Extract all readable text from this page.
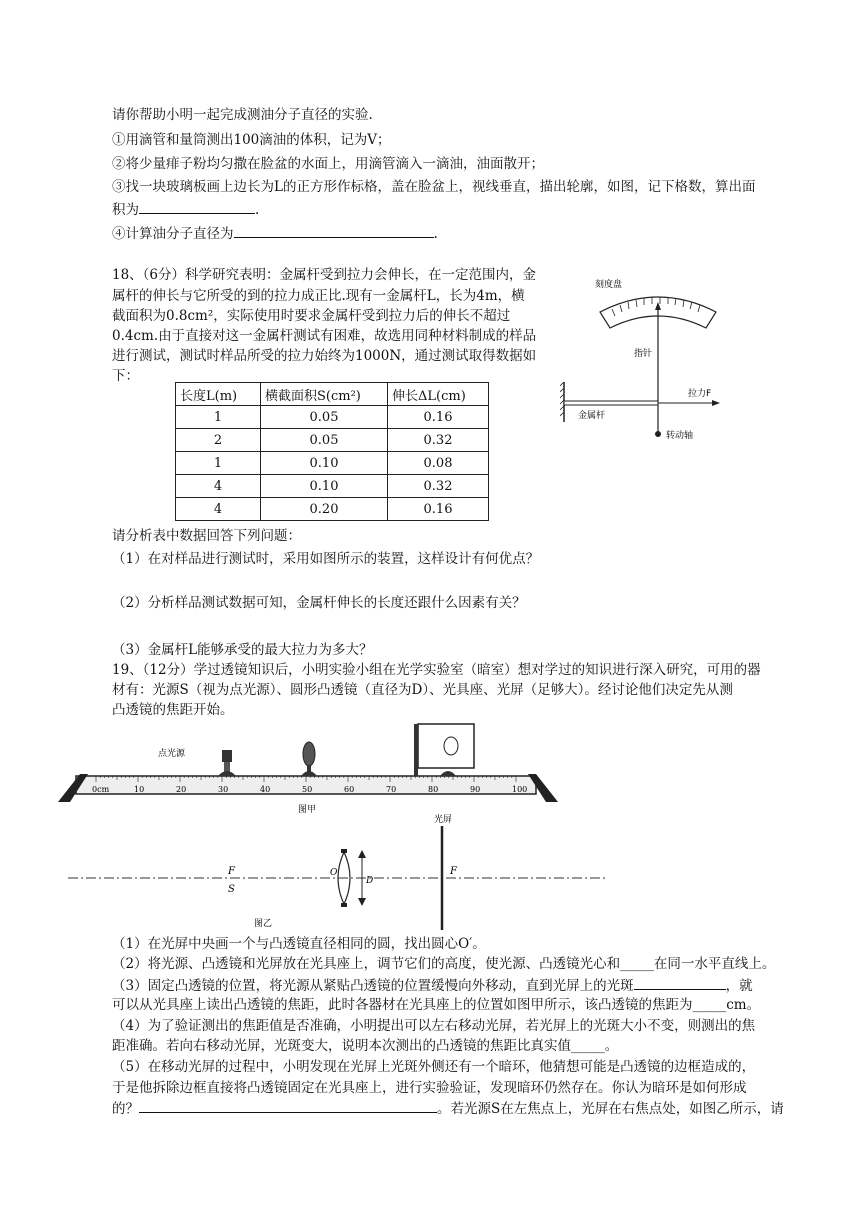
请你帮助小明一起完成测油分子直径的实验.
①用滴管和量筒测出100滴油的体积，记为V；
②将少量痱子粉均匀撒在脸盆的水面上，用滴管滴入一滴油，油面散开；
③找一块玻璃板画上边长为L的正方形作标格，盖在脸盆上，视线垂直，描出轮廓，如图，记下格数，算出面
积为	.
④计算油分子直径为	.
18、（6分）科学研究表明：金属杆受到拉力会伸长，在一定范围内，金
属杆的伸长与它所受的到的拉力成正比.现有一金属杆L，长为4m，横
截面积为0.8cm²，实际使用时要求金属杆受到拉力后的伸长不超过
0.4cm.由于直接对这一金属杆测试有困难，故选用同种材料制成的样品
进行测试，测试时样品所受的拉力始终为1000N，通过测试取得数据如
下：
长度L(m)	横截面积S(cm²)	伸长ΔL(cm)
1	0.05	0.16
2	0.05	0.32
1	0.10	0.08
4	0.10	0.32
4	0.20	0.16
刻度盘
指针
金属杆
拉力F
转动轴
请分析表中数据回答下列问题：
（1）在对样品进行测试时，采用如图所示的装置，这样设计有何优点？
（2）分析样品测试数据可知，金属杆伸长的长度还跟什么因素有关？
（3）金属杆L能够承受的最大拉力为多大？
19、（12分）学过透镜知识后，小明实验小组在光学实验室（暗室）想对学过的知识进行深入研究，可用的器
材有：光源S（视为点光源）、圆形凸透镜（直径为D）、光具座、光屏（足够大）。经讨论他们决定先从测
凸透镜的焦距开始。
0cm	10	20	30	40	50	60	70	80	90	100
点光源
图甲
O
D
F
S
光屏
F
图乙
（1）在光屏中央画一个与凸透镜直径相同的圆，找出圆心O′。
（2）将光源、凸透镜和光屏放在光具座上，调节它们的高度，使光源、凸透镜光心和_____在同一水平直线上。
（3）固定凸透镜的位置，将光源从紧贴凸透镜的位置缓慢向外移动，直到光屏上的光斑	，就
可以从光具座上读出凸透镜的焦距，此时各器材在光具座上的位置如图甲所示，该凸透镜的焦距为_____cm。
（4）为了验证测出的焦距值是否准确，小明提出可以左右移动光屏，若光屏上的光斑大小不变，则测出的焦
距准确。若向右移动光屏，光斑变大，说明本次测出的凸透镜的焦距比真实值_____。
（5）在移动光屏的过程中，小明发现在光屏上光斑外侧还有一个暗环，他猜想可能是凸透镜的边框造成的，
于是他拆除边框直接将凸透镜固定在光具座上，进行实验验证，发现暗环仍然存在。你认为暗环是如何形成
的？	。若光源S在左焦点上，光屏在右焦点处，如图乙所示，请
